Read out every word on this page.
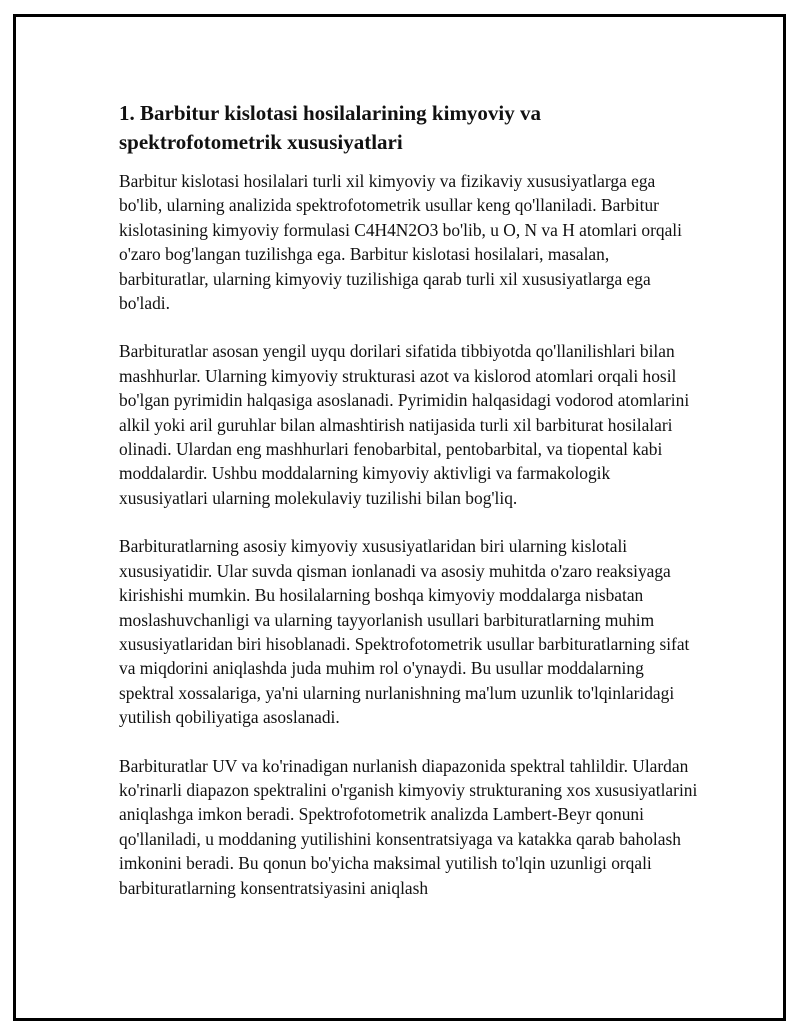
1. Barbitur kislotasi hosilalarining kimyoviy va spektrofotometrik xususiyatlari

Barbitur kislotasi hosilalari turli xil kimyoviy va fizikaviy xususiyatlarga ega bo'lib, ularning analizida spektrofotometrik usullar keng qo'llaniladi. Barbitur kislotasining kimyoviy formulasi C4H4N2O3 bo'lib, u O, N va H atomlari orqali o'zaro bog'langan tuzilishga ega. Barbitur kislotasi hosilalari, masalan, barbituratlar, ularning kimyoviy tuzilishiga qarab turli xil xususiyatlarga ega bo'ladi.

Barbituratlar asosan yengil uyqu dorilari sifatida tibbiyotda qo'llanilishlari bilan mashhurlar. Ularning kimyoviy strukturasi azot va kislorod atomlari orqali hosil bo'lgan pyrimidin halqasiga asoslanadi. Pyrimidin halqasidagi vodorod atomlarini alkil yoki aril guruhlar bilan almashtirish natijasida turli xil barbiturat hosilalari olinadi. Ulardan eng mashhurlari fenobarbital, pentobarbital, va tiopental kabi moddalardir. Ushbu moddalarning kimyoviy aktivligi va farmakologik xususiyatlari ularning molekulaviy tuzilishi bilan bog'liq.

Barbituratlarning asosiy kimyoviy xususiyatlaridan biri ularning kislotali xususiyatidir. Ular suvda qisman ionlanadi va asosiy muhitda o'zaro reaksiyaga kirishishi mumkin. Bu hosilalarning boshqa kimyoviy moddalarga nisbatan moslashuvchanligi va ularning tayyorlanish usullari barbituratlarning muhim xususiyatlaridan biri hisoblanadi. Spektrofotometrik usullar barbituratlarning sifat va miqdorini aniqlashda juda muhim rol o'ynaydi. Bu usullar moddalarning spektral xossalariga, ya'ni ularning nurlanishning ma'lum uzunlik to'lqinlaridagi yutilish qobiliyatiga asoslanadi.

Barbituratlar UV va ko'rinadigan nurlanish diapazonida spektral tahlildir. Ulardan ko'rinarli diapazon spektralini o'rganish kimyoviy strukturaning xos xususiyatlarini aniqlashga imkon beradi. Spektrofotometrik analizda Lambert-Beyr qonuni qo'llaniladi, u moddaning yutilishini konsentratsiyaga va katakka qarab baholash imkonini beradi. Bu qonun bo'yicha maksimal yutilish to'lqin uzunligi orqali barbituratlarning konsentratsiyasini aniqlash
